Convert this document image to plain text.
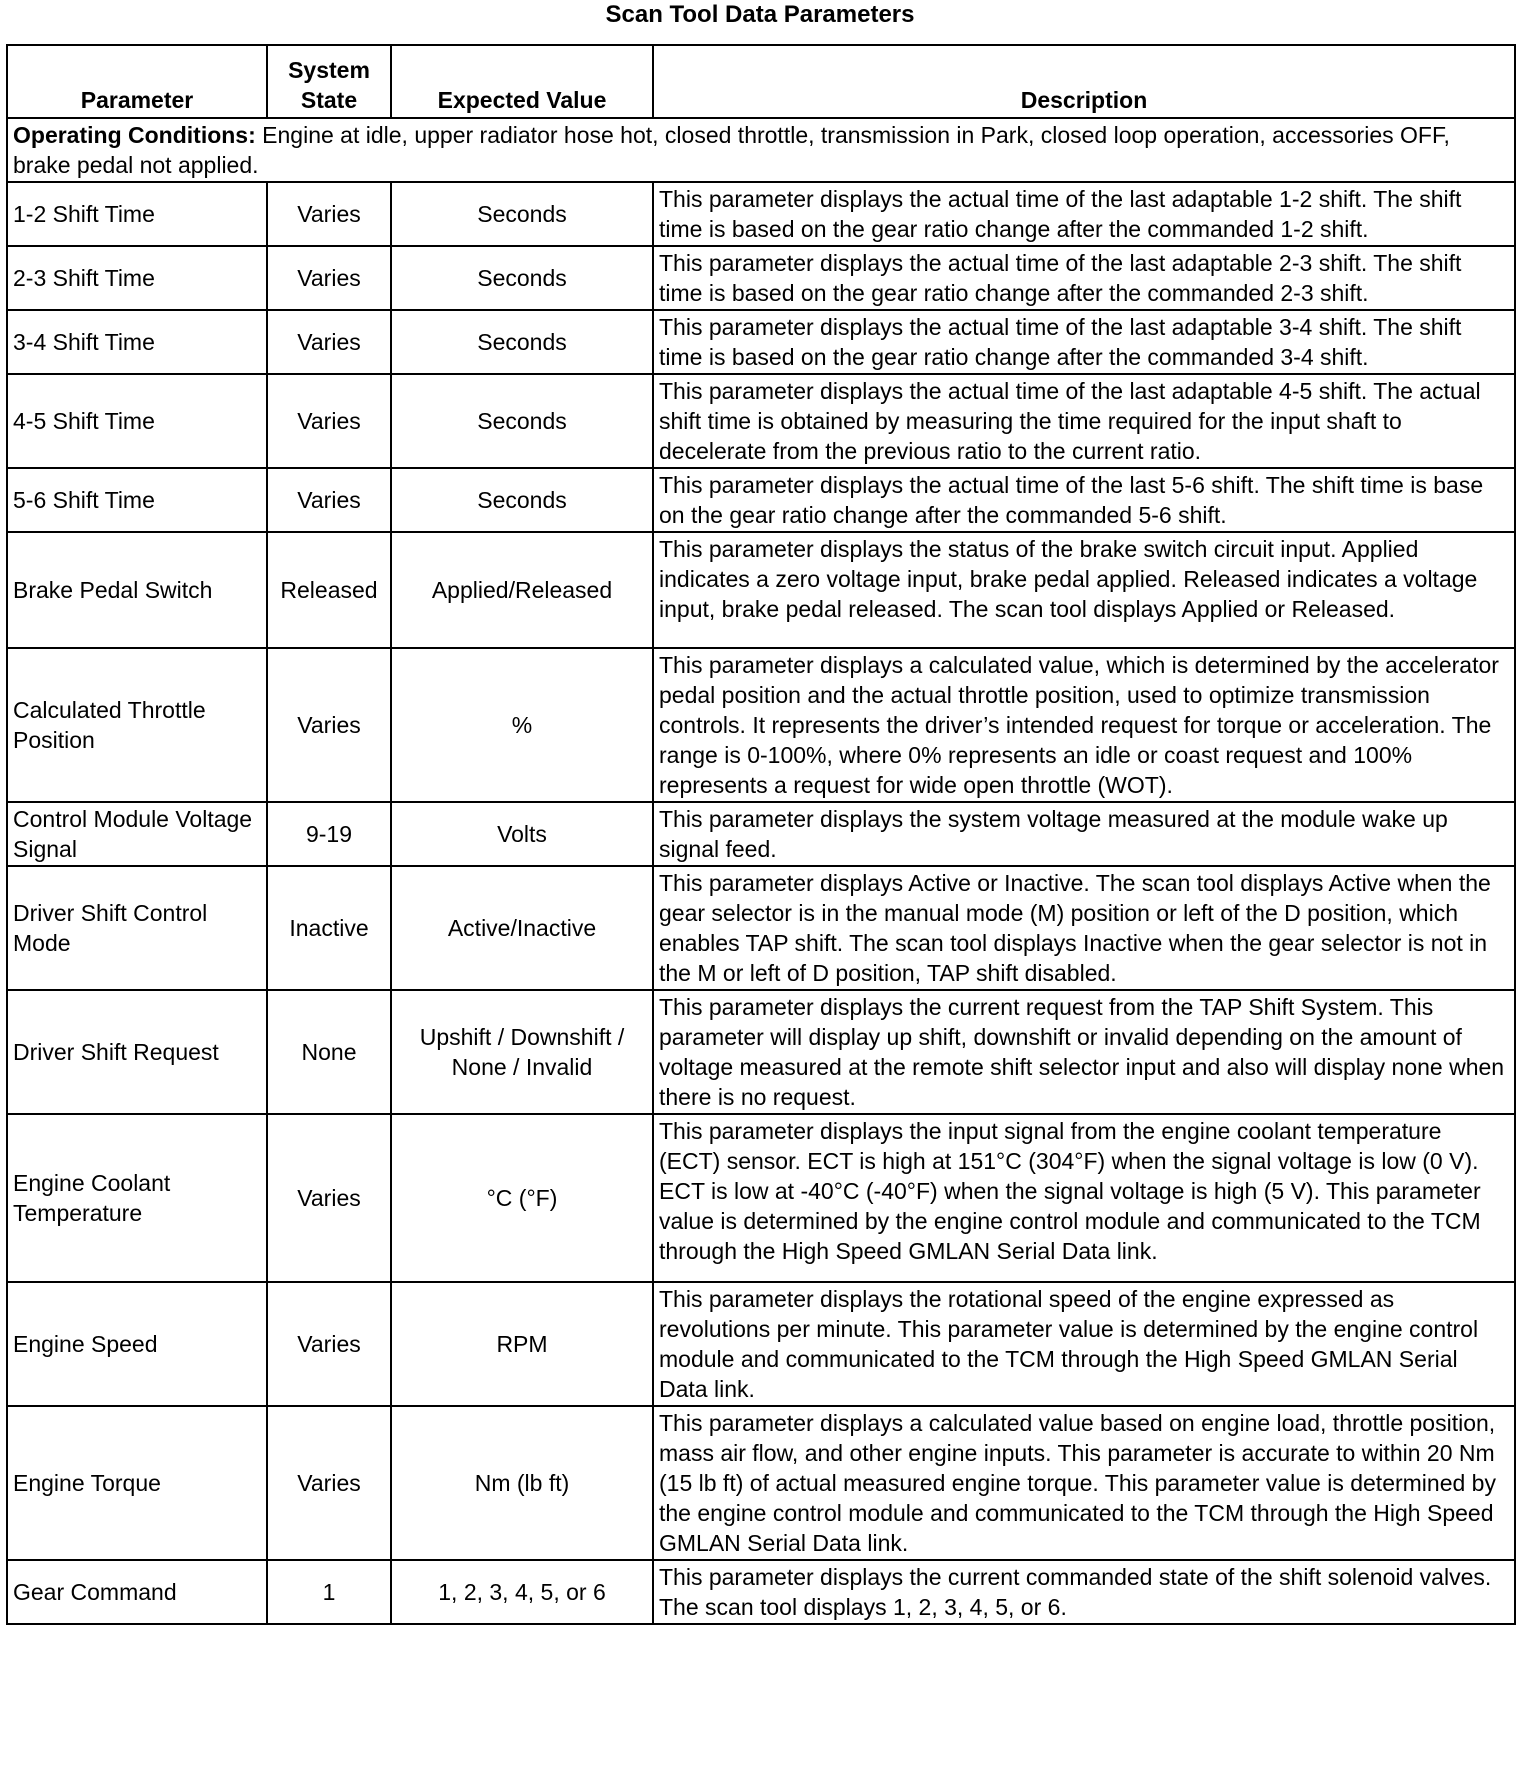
Scan Tool Data Parameters
Parameter	System State	Expected Value	Description
Operating Conditions: Engine at idle, upper radiator hose hot, closed throttle, transmission in Park, closed loop operation, accessories OFF, brake pedal not applied.			
1-2 Shift Time	Varies	Seconds	This parameter displays the actual time of the last adaptable 1-2 shift. The shift time is based on the gear ratio change after the commanded 1-2 shift.
2-3 Shift Time	Varies	Seconds	This parameter displays the actual time of the last adaptable 2-3 shift. The shift time is based on the gear ratio change after the commanded 2-3 shift.
3-4 Shift Time	Varies	Seconds	This parameter displays the actual time of the last adaptable 3-4 shift. The shift time is based on the gear ratio change after the commanded 3-4 shift.
4-5 Shift Time	Varies	Seconds	This parameter displays the actual time of the last adaptable 4-5 shift. The actual shift time is obtained by measuring the time required for the input shaft to decelerate from the previous ratio to the current ratio.
5-6 Shift Time	Varies	Seconds	This parameter displays the actual time of the last 5-6 shift. The shift time is base on the gear ratio change after the commanded 5-6 shift.
Brake Pedal Switch	Released	Applied/Released	This parameter displays the status of the brake switch circuit input. Applied indicates a zero voltage input, brake pedal applied. Released indicates a voltage input, brake pedal released. The scan tool displays Applied or Released.
Calculated Throttle Position	Varies	%	This parameter displays a calculated value, which is determined by the accelerator pedal position and the actual throttle position, used to optimize transmission controls. It represents the driver’s intended request for torque or acceleration. The range is 0-100%, where 0% represents an idle or coast request and 100% represents a request for wide open throttle (WOT).
Control Module Voltage Signal	9-19	Volts	This parameter displays the system voltage measured at the module wake up signal feed.
Driver Shift Control Mode	Inactive	Active/Inactive	This parameter displays Active or Inactive. The scan tool displays Active when the gear selector is in the manual mode (M) position or left of the D position, which enables TAP shift. The scan tool displays Inactive when the gear selector is not in the M or left of D position, TAP shift disabled.
Driver Shift Request	None	Upshift / Downshift / None / Invalid	This parameter displays the current request from the TAP Shift System. This parameter will display up shift, downshift or invalid depending on the amount of voltage measured at the remote shift selector input and also will display none when there is no request.
Engine Coolant Temperature	Varies	°C (°F)	This parameter displays the input signal from the engine coolant temperature (ECT) sensor. ECT is high at 151°C (304°F) when the signal voltage is low (0 V). ECT is low at -40°C (-40°F) when the signal voltage is high (5 V). This parameter value is determined by the engine control module and communicated to the TCM through the High Speed GMLAN Serial Data link.
Engine Speed	Varies	RPM	This parameter displays the rotational speed of the engine expressed as revolutions per minute. This parameter value is determined by the engine control module and communicated to the TCM through the High Speed GMLAN Serial Data link.
Engine Torque	Varies	Nm (lb ft)	This parameter displays a calculated value based on engine load, throttle position, mass air flow, and other engine inputs. This parameter is accurate to within 20 Nm (15 lb ft) of actual measured engine torque. This parameter value is determined by the engine control module and communicated to the TCM through the High Speed GMLAN Serial Data link.
Gear Command	1	1, 2, 3, 4, 5, or 6	This parameter displays the current commanded state of the shift solenoid valves. The scan tool displays 1, 2, 3, 4, 5, or 6.
